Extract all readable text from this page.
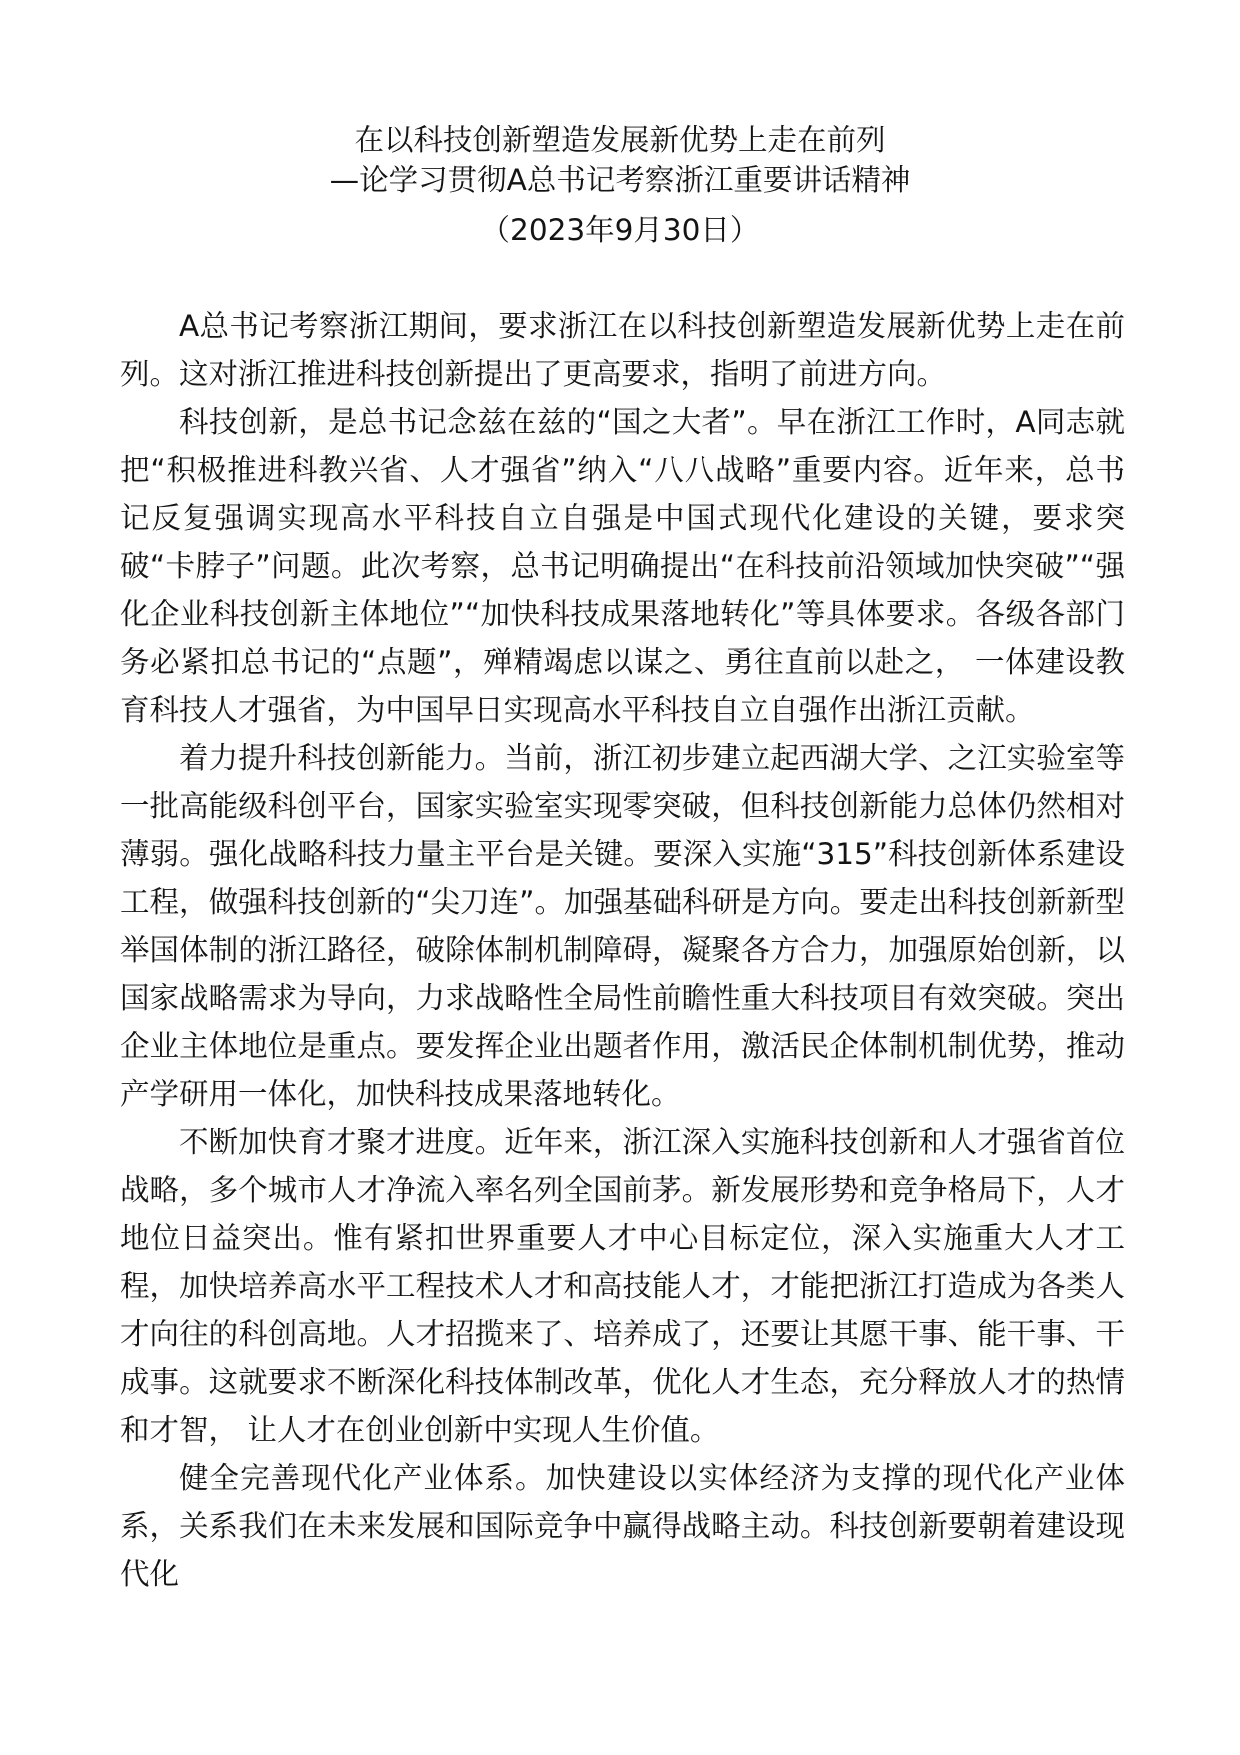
在以科技创新塑造发展新优势上走在前列
—论学习贯彻A总书记考察浙江重要讲话精神
（2023年9月30日）

A总书记考察浙江期间，要求浙江在以科技创新塑造发展新优势上走在前列。这对浙江推进科技创新提出了更高要求，指明了前进方向。

科技创新，是总书记念兹在兹的“国之大者”。早在浙江工作时，A同志就把“积极推进科教兴省、人才强省”纳入“八八战略”重要内容。近年来，总书记反复强调实现高水平科技自立自强是中国式现代化建设的关键，要求突破“卡脖子”问题。此次考察，总书记明确提出“在科技前沿领域加快突破”“强化企业科技创新主体地位”“加快科技成果落地转化”等具体要求。各级各部门务必紧扣总书记的“点题”，殚精竭虑以谋之、勇往直前以赴之， 一体建设教育科技人才强省，为中国早日实现高水平科技自立自强作出浙江贡献。

着力提升科技创新能力。当前，浙江初步建立起西湖大学、之江实验室等一批高能级科创平台，国家实验室实现零突破，但科技创新能力总体仍然相对薄弱。强化战略科技力量主平台是关键。要深入实施“315”科技创新体系建设工程，做强科技创新的“尖刀连”。加强基础科研是方向。要走出科技创新新型举国体制的浙江路径，破除体制机制障碍，凝聚各方合力，加强原始创新，以国家战略需求为导向，力求战略性全局性前瞻性重大科技项目有效突破。突出企业主体地位是重点。要发挥企业出题者作用，激活民企体制机制优势，推动产学研用一体化，加快科技成果落地转化。

不断加快育才聚才进度。近年来，浙江深入实施科技创新和人才强省首位战略，多个城市人才净流入率名列全国前茅。新发展形势和竞争格局下，人才地位日益突出。惟有紧扣世界重要人才中心目标定位，深入实施重大人才工程，加快培养高水平工程技术人才和高技能人才，才能把浙江打造成为各类人才向往的科创高地。人才招揽来了、培养成了，还要让其愿干事、能干事、干成事。这就要求不断深化科技体制改革，优化人才生态，充分释放人才的热情和才智， 让人才在创业创新中实现人生价值。

健全完善现代化产业体系。加快建设以实体经济为支撑的现代化产业体系，关系我们在未来发展和国际竞争中赢得战略主动。科技创新要朝着建设现代化
